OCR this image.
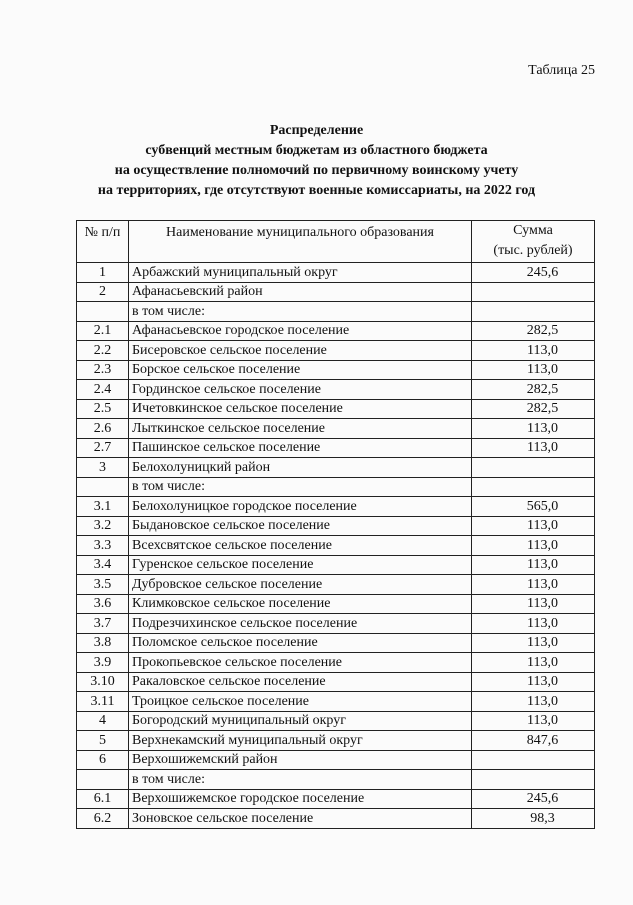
Таблица 25
Распределение
субвенций местным бюджетам из областного бюджета
на осуществление полномочий по первичному воинскому учету
на территориях, где отсутствуют военные комиссариаты, на 2022 год
№ п/п	Наименование муниципального образования	Сумма
(тыс. рублей)

1	Арбажский муниципальный округ	245,6
2	Афанасьевский район	
	в том числе:	
2.1	Афанасьевское городское поселение	282,5
2.2	Бисеровское сельское поселение	113,0
2.3	Борское сельское поселение	113,0
2.4	Гординское сельское поселение	282,5
2.5	Ичетовкинское сельское поселение	282,5
2.6	Лыткинское сельское поселение	113,0
2.7	Пашинское сельское поселение	113,0
3	Белохолуницкий район	
	в том числе:	
3.1	Белохолуницкое городское поселение	565,0
3.2	Быдановское сельское поселение	113,0
3.3	Всехсвятское сельское поселение	113,0
3.4	Гуренское сельское поселение	113,0
3.5	Дубровское сельское поселение	113,0
3.6	Климковское сельское поселение	113,0
3.7	Подрезчихинское сельское поселение	113,0
3.8	Поломское сельское поселение	113,0
3.9	Прокопьевское сельское поселение	113,0
3.10	Ракаловское сельское поселение	113,0
3.11	Троицкое сельское поселение	113,0
4	Богородский муниципальный округ	113,0
5	Верхнекамский муниципальный округ	847,6
6	Верхошижемский район	
	в том числе:	
6.1	Верхошижемское городское поселение	245,6
6.2	Зоновское сельское поселение	98,3
